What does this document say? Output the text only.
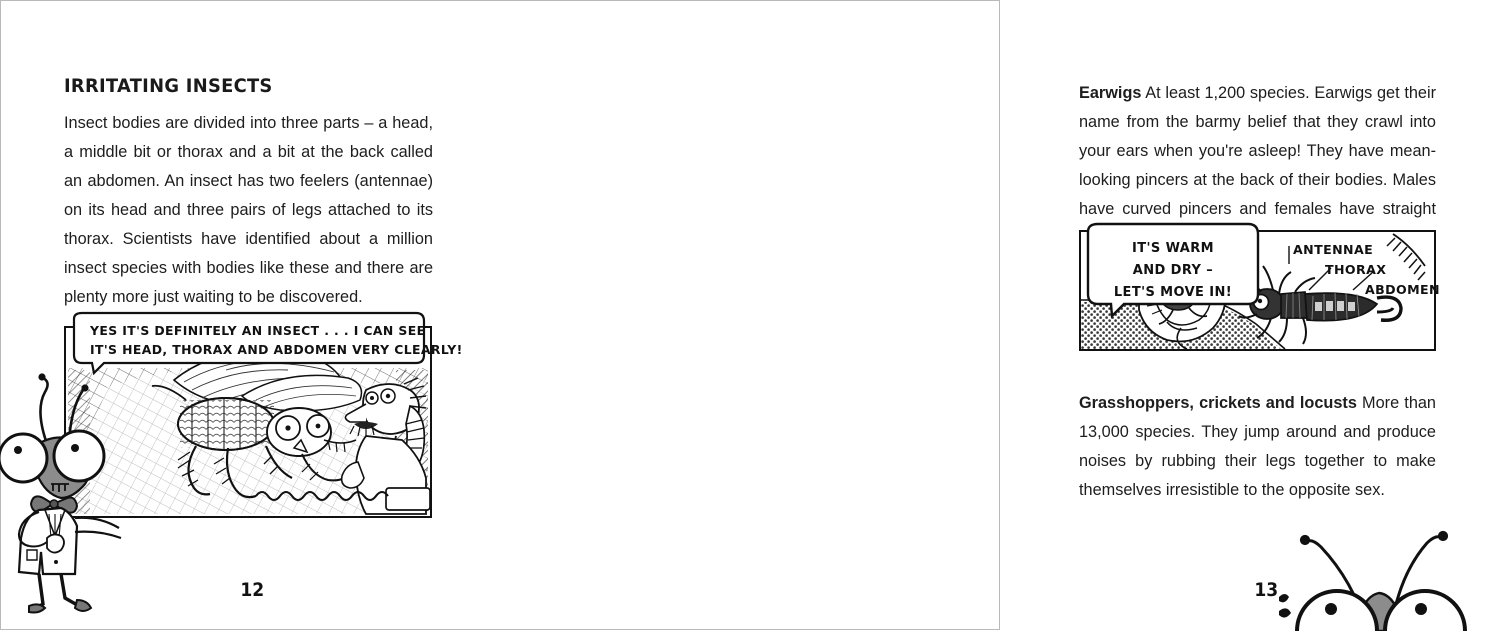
IRRITATING INSECTS
Insect bodies are divided into three parts – a head, a middle bit or thorax and a bit at the back called an abdomen. An insect has two feelers (antennae) on its head and three pairs of legs attached to its thorax. Scientists have identified about a million insect species with bodies like these and there are plenty more just waiting to be discovered.
YES IT'S DEFINITELY AN INSECT . . . I CAN SEE
IT'S HEAD, THORAX AND ABDOMEN VERY CLEARLY!
12

Earwigs At least 1,200 species. Earwigs get their name from the barmy belief that they crawl into your ears when you're asleep! They have mean-looking pincers at the back of their bodies. Males have curved pincers and females have straight

ANTENNAE
THORAX
ABDOMEN
IT'S WARM
AND DRY –
LET'S MOVE IN!

Grasshoppers, crickets and locusts More than 13,000 species. They jump around and produce noises by rubbing their legs together to make themselves irresistible to the opposite sex.

13
